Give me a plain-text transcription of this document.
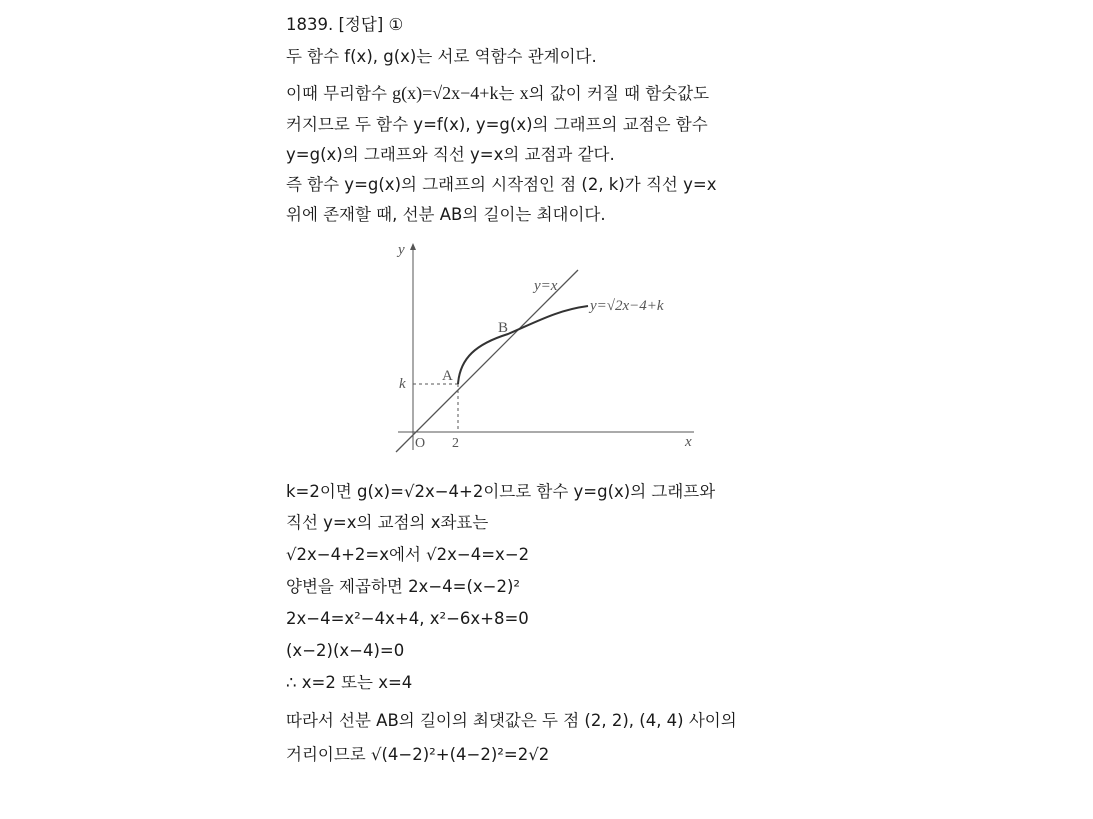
1839. [정답] ①
두 함수 f(x), g(x)는 서로 역함수 관계이다.
이때 무리함수 g(x)=√2x−4+k는 x의 값이 커질 때 함숫값도
커지므로 두 함수 y=f(x), y=g(x)의 그래프의 교점은 함수
y=g(x)의 그래프와 직선 y=x의 교점과 같다.
즉 함수 y=g(x)의 그래프의 시작점인 점 (2, k)가 직선 y=x
위에 존재할 때, 선분 AB의 길이는 최대이다.
k=2이면 g(x)=√2x−4+2이므로 함수 y=g(x)의 그래프와
직선 y=x의 교점의 x좌표는
√2x−4+2=x에서 √2x−4=x−2
양변을 제곱하면 2x−4=(x−2)²
2x−4=x²−4x+4, x²−6x+8=0
(x−2)(x−4)=0
∴ x=2 또는 x=4
따라서 선분 AB의 길이의 최댓값은 두 점 (2, 2), (4, 4) 사이의
거리이므로 √(4−2)²+(4−2)²=2√2
y
x
O 2
k A
B
y=x
y=√2x−4+k
